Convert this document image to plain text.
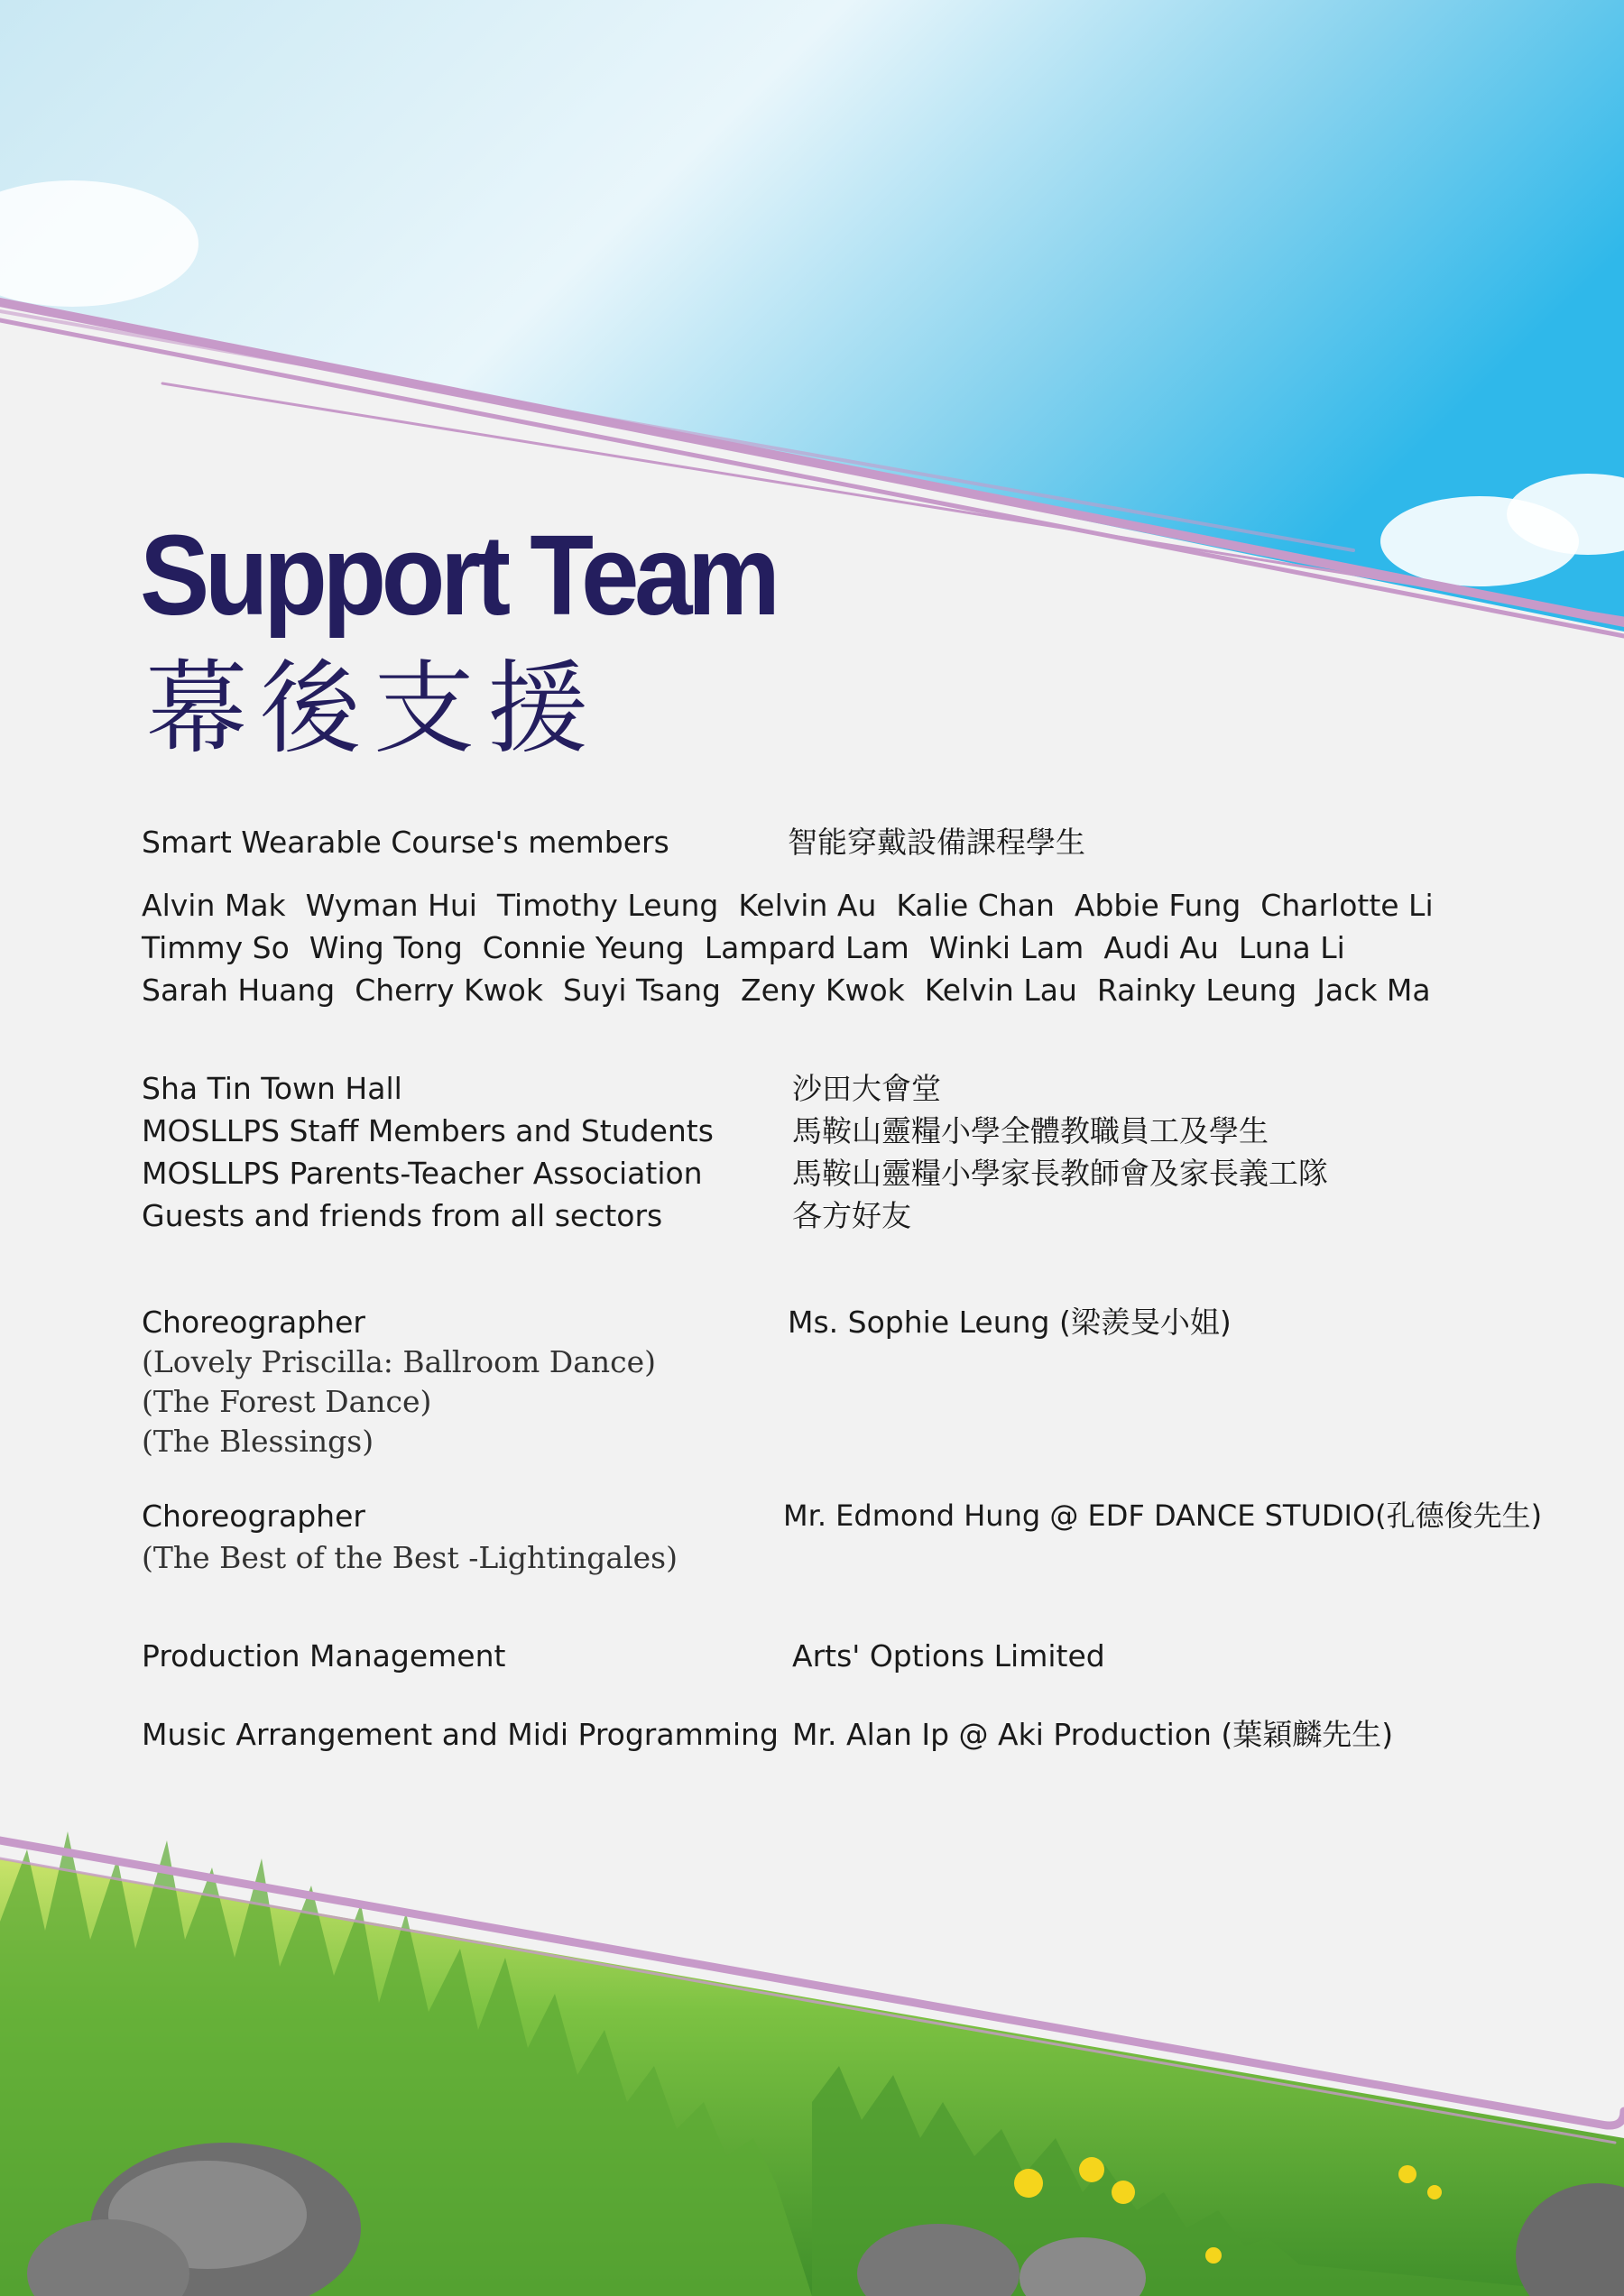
Support Team
幕後支援
Smart Wearable Course's members	智能穿戴設備課程學生
Alvin Mak Wyman Hui Timothy Leung Kelvin Au Kalie Chan Abbie Fung Charlotte Li
Timmy So Wing Tong Connie Yeung Lampard Lam Winki Lam Audi Au Luna Li
Sarah Huang Cherry Kwok Suyi Tsang Zeny Kwok Kelvin Lau Rainky Leung Jack Ma
Sha Tin Town Hall
MOSLLPS Staff Members and Students
MOSLLPS Parents-Teacher Association
Guests and friends from all sectors
沙田大會堂
馬鞍山靈糧小學全體教職員工及學生
馬鞍山靈糧小學家長教師會及家長義工隊
各方好友
Choreographer
(Lovely Priscilla: Ballroom Dance)
(The Forest Dance)
(The Blessings)
Ms. Sophie Leung (梁羨旻小姐)
Choreographer
(The Best of the Best -Lightingales)
Mr. Edmond Hung @ EDF DANCE STUDIO(孔德俊先生)
Production Management	Arts' Options Limited
Music Arrangement and Midi Programming Mr. Alan Ip @ Aki Production (葉穎麟先生)
